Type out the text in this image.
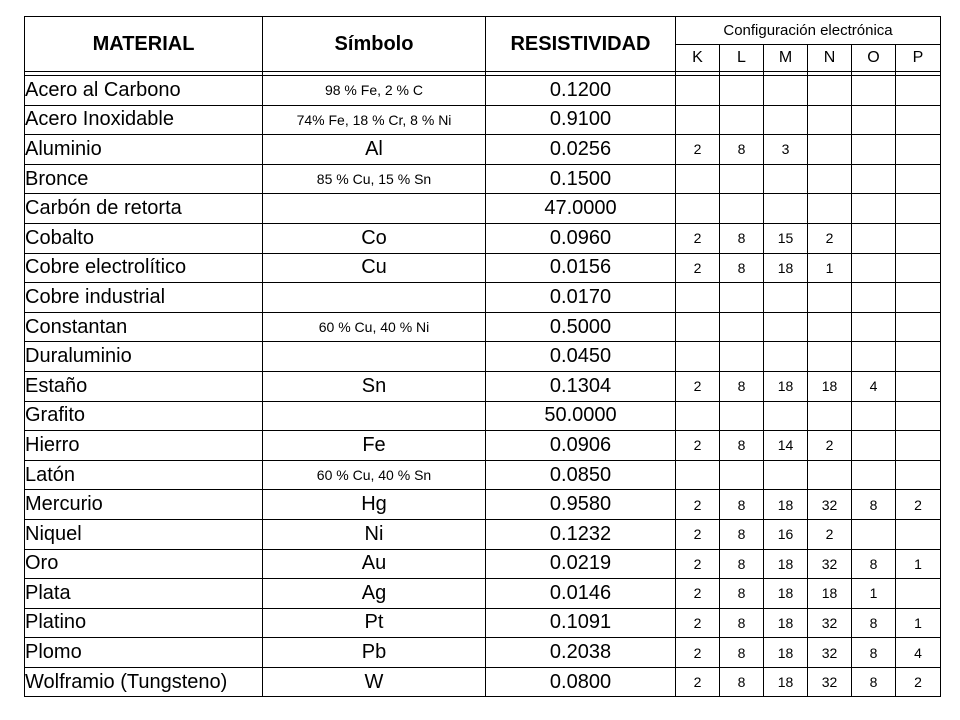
MATERIAL	Símbolo	RESISTIVIDAD	Configuración electrónica					
			K	L	M	N	O	P

Acero al Carbono	98 % Fe, 2 % C	0.1200						
Acero Inoxidable	74% Fe, 18 % Cr, 8 % Ni	0.9100						
Aluminio	Al	0.0256	2	8	3			
Bronce	85 % Cu, 15 % Sn	0.1500						
Carbón de retorta		47.0000						
Cobalto	Co	0.0960	2	8	15	2		
Cobre electrolítico	Cu	0.0156	2	8	18	1		
Cobre industrial		0.0170						
Constantan	60 % Cu, 40 % Ni	0.5000						
Duraluminio		0.0450						
Estaño	Sn	0.1304	2	8	18	18	4	
Grafito		50.0000						
Hierro	Fe	0.0906	2	8	14	2		
Latón	60 % Cu, 40 % Sn	0.0850						
Mercurio	Hg	0.9580	2	8	18	32	8	2
Niquel	Ni	0.1232	2	8	16	2		
Oro	Au	0.0219	2	8	18	32	8	1
Plata	Ag	0.0146	2	8	18	18	1	
Platino	Pt	0.1091	2	8	18	32	8	1
Plomo	Pb	0.2038	2	8	18	32	8	4
Wolframio (Tungsteno)	W	0.0800	2	8	18	32	8	2
